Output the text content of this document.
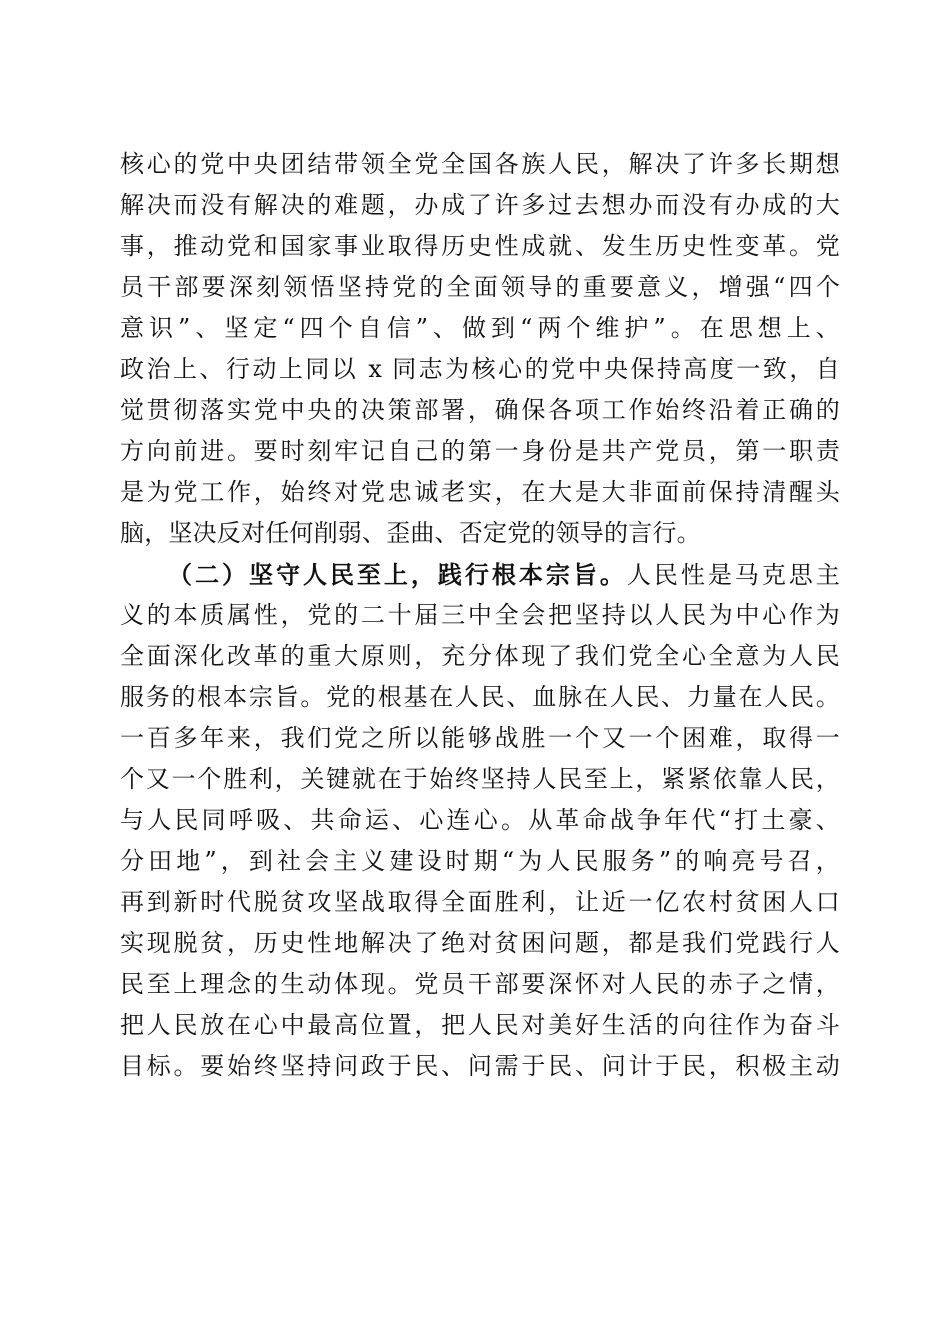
核心的党中央团结带领全党全国各族人民，解决了许多长期想
解决而没有解决的难题，办成了许多过去想办而没有办成的大
事，推动党和国家事业取得历史性成就、发生历史性变革。党
员干部要深刻领悟坚持党的全面领导的重要意义，增强“四个
意识”、坚定“四个自信”、做到“两个维护”。在思想上、
政治上、行动上同以 x 同志为核心的党中央保持高度一致，自
觉贯彻落实党中央的决策部署，确保各项工作始终沿着正确的
方向前进。要时刻牢记自己的第一身份是共产党员，第一职责
是为党工作，始终对党忠诚老实，在大是大非面前保持清醒头
脑，坚决反对任何削弱、歪曲、否定党的领导的言行。
（二）坚守人民至上，践行根本宗旨。人民性是马克思主
义的本质属性，党的二十届三中全会把坚持以人民为中心作为
全面深化改革的重大原则，充分体现了我们党全心全意为人民
服务的根本宗旨。党的根基在人民、血脉在人民、力量在人民。
一百多年来，我们党之所以能够战胜一个又一个困难，取得一
个又一个胜利，关键就在于始终坚持人民至上，紧紧依靠人民，
与人民同呼吸、共命运、心连心。从革命战争年代“打土豪、
分田地”，到社会主义建设时期“为人民服务”的响亮号召，
再到新时代脱贫攻坚战取得全面胜利，让近一亿农村贫困人口
实现脱贫，历史性地解决了绝对贫困问题，都是我们党践行人
民至上理念的生动体现。党员干部要深怀对人民的赤子之情，
把人民放在心中最高位置，把人民对美好生活的向往作为奋斗
目标。要始终坚持问政于民、问需于民、问计于民，积极主动
